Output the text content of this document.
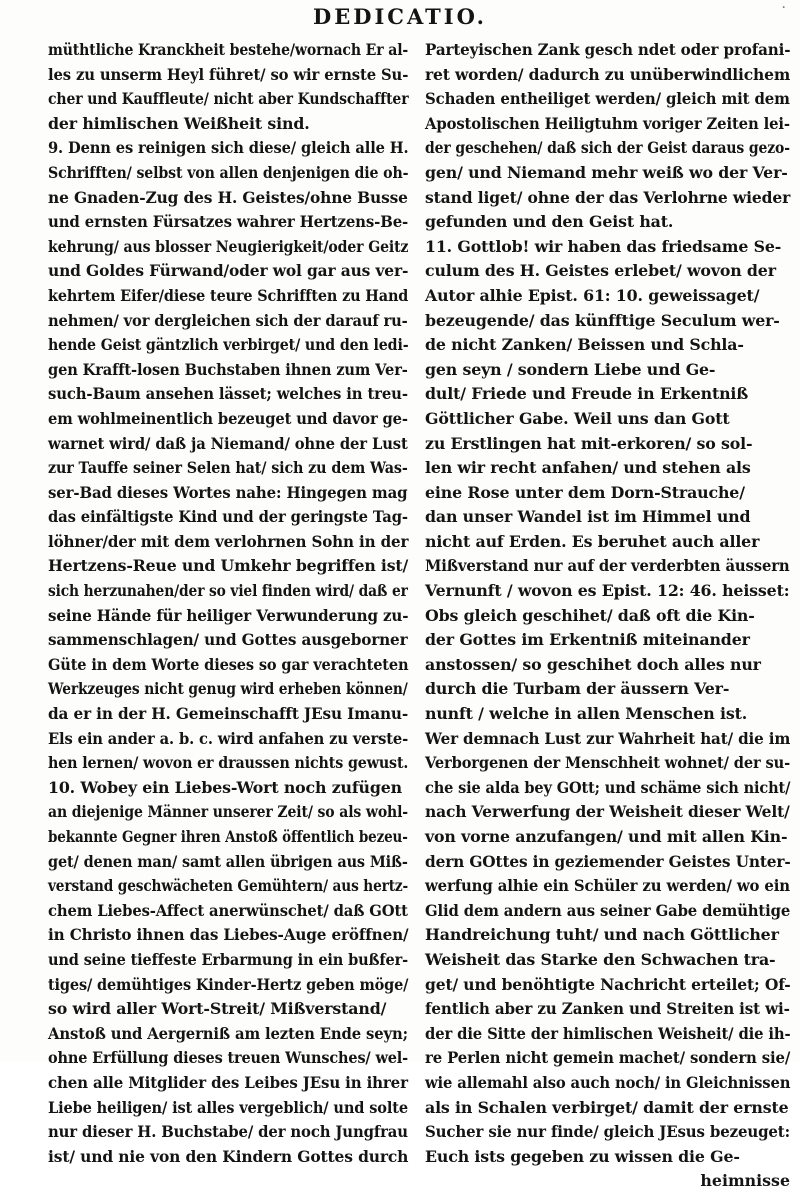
DEDICATIO.	·
müthtliche Kranckheit bestehe/wornach Er al-
les zu unserm Heyl führet/ so wir ernste Su-
cher und Kauffleute/ nicht aber Kundschaffter
der himlischen Weißheit sind.
9. Denn es reinigen sich diese/ gleich alle H.
Schrifften/ selbst von allen denjenigen die oh-
ne Gnaden-Zug des H. Geistes/ohne Busse
und ernsten Fürsatzes wahrer Hertzens-Be-
kehrung/ aus blosser Neugierigkeit/oder Geitz
und Goldes Fürwand/oder wol gar aus ver-
kehrtem Eifer/diese teure Schrifften zu Hand
nehmen/ vor dergleichen sich der darauf ru-
hende Geist gäntzlich verbirget/ und den ledi-
gen Krafft-losen Buchstaben ihnen zum Ver-
such-Baum ansehen lässet; welches in treu-
em wohlmeinentlich bezeuget und davor ge-
warnet wird/ daß ja Niemand/ ohne der Lust
zur Tauffe seiner Selen hat/ sich zu dem Was-
ser-Bad dieses Wortes nahe: Hingegen mag
das einfältigste Kind und der geringste Tag-
löhner/der mit dem verlohrnen Sohn in der
Hertzens-Reue und Umkehr begriffen ist/
sich herzunahen/der so viel finden wird/ daß er
seine Hände für heiliger Verwunderung zu-
sammenschlagen/ und Gottes ausgeborner
Güte in dem Worte dieses so gar verachteten
Werkzeuges nicht genug wird erheben können/
da er in der H. Gemeinschafft JEsu Imanu-
Els ein ander a. b. c. wird anfahen zu verste-
hen lernen/ wovon er draussen nichts gewust.
10. Wobey ein Liebes-Wort noch zufügen
an diejenige Männer unserer Zeit/ so als wohl-
bekannte Gegner ihren Anstoß öffentlich bezeu-
get/ denen man/ samt allen übrigen aus Miß-
verstand geschwächeten Gemühtern/ aus hertz-
chem Liebes-Affect anerwünschet/ daß GOtt
in Christo ihnen das Liebes-Auge eröffnen/
und seine tieffeste Erbarmung in ein bußfer-
tiges/ demühtiges Kinder-Hertz geben möge/
so wird aller Wort-Streit/ Mißverstand/
Anstoß und Aergerniß am lezten Ende seyn;
ohne Erfüllung dieses treuen Wunsches/ wel-
chen alle Mitglider des Leibes JEsu in ihrer
Liebe heiligen/ ist alles vergeblich/ und solte
nur dieser H. Buchstabe/ der noch Jungfrau
ist/ und nie von den Kindern Gottes durch
Parteyischen Zank gesch ndet oder profani-
ret worden/ dadurch zu unüberwindlichem
Schaden entheiliget werden/ gleich mit dem
Apostolischen Heiligtuhm voriger Zeiten lei-
der geschehen/ daß sich der Geist daraus gezo-
gen/ und Niemand mehr weiß wo der Ver-
stand liget/ ohne der das Verlohrne wieder
gefunden und den Geist hat.
11. Gottlob! wir haben das friedsame Se-
culum des H. Geistes erlebet/ wovon der
Autor alhie Epist. 61: 10. geweissaget/
bezeugende/ das künfftige Seculum wer-
de nicht Zanken/ Beissen und Schla-
gen seyn / sondern Liebe und Ge-
dult/ Friede und Freude in Erkentniß
Göttlicher Gabe. Weil uns dan Gott
zu Erstlingen hat mit-erkoren/ so sol-
len wir recht anfahen/ und stehen als
eine Rose unter dem Dorn-Strauche/
dan unser Wandel ist im Himmel und
nicht auf Erden. Es beruhet auch aller
Mißverstand nur auf der verderbten äussern
Vernunft / wovon es Epist. 12: 46. heisset:
Obs gleich geschihet/ daß oft die Kin-
der Gottes im Erkentniß miteinander
anstossen/ so geschihet doch alles nur
durch die Turbam der äussern Ver-
nunft / welche in allen Menschen ist.
Wer demnach Lust zur Wahrheit hat/ die im
Verborgenen der Menschheit wohnet/ der su-
che sie alda bey GOtt; und schäme sich nicht/
nach Verwerfung der Weisheit dieser Welt/
von vorne anzufangen/ und mit allen Kin-
dern GOttes in geziemender Geistes Unter-
werfung alhie ein Schüler zu werden/ wo ein
Glid dem andern aus seiner Gabe demühtige
Handreichung tuht/ und nach Göttlicher
Weisheit das Starke den Schwachen tra-
get/ und benöhtigte Nachricht erteilet; Of-
fentlich aber zu Zanken und Streiten ist wi-
der die Sitte der himlischen Weisheit/ die ih-
re Perlen nicht gemein machet/ sondern sie/
wie allemahl also auch noch/ in Gleichnissen
als in Schalen verbirget/ damit der ernste
Sucher sie nur finde/ gleich JEsus bezeuget:
Euch ists gegeben zu wissen die Ge-
heimnisse
